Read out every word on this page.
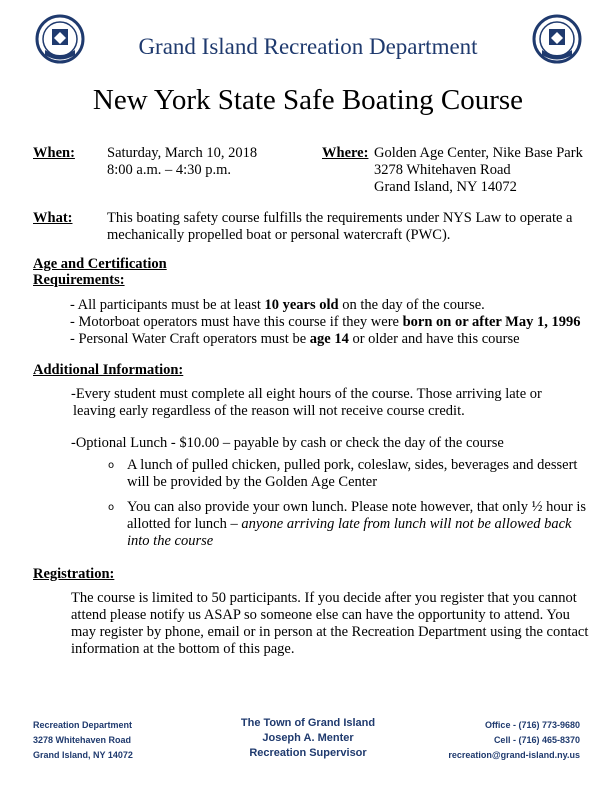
Grand Island Recreation Department
New York State Safe Boating Course
When: Saturday, March 10, 2018
8:00 a.m. – 4:30 p.m.
Where: Golden Age Center, Nike Base Park
3278 Whitehaven Road
Grand Island, NY 14072
What: This boating safety course fulfills the requirements under NYS Law to operate a
mechanically propelled boat or personal watercraft (PWC).
Age and Certification
Requirements:
- All participants must be at least 10 years old on the day of the course.
- Motorboat operators must have this course if they were born on or after May 1, 1996
- Personal Water Craft operators must be age 14 or older and have this course
Additional Information:
-Every student must complete all eight hours of the course. Those arriving late or
leaving early regardless of the reason will not receive course credit.
-Optional Lunch - $10.00 – payable by cash or check the day of the course
o A lunch of pulled chicken, pulled pork, coleslaw, sides, beverages and dessert
will be provided by the Golden Age Center
o You can also provide your own lunch. Please note however, that only ½ hour is
allotted for lunch – anyone arriving late from lunch will not be allowed back
into the course
Registration:
The course is limited to 50 participants. If you decide after you register that you cannot
attend please notify us ASAP so someone else can have the opportunity to attend. You
may register by phone, email or in person at the Recreation Department using the contact
information at the bottom of this page.
Recreation Department
3278 Whitehaven Road
Grand Island, NY 14072
The Town of Grand Island
Joseph A. Menter
Recreation Supervisor
Office - (716) 773-9680
Cell - (716) 465-8370
recreation@grand-island.ny.us
